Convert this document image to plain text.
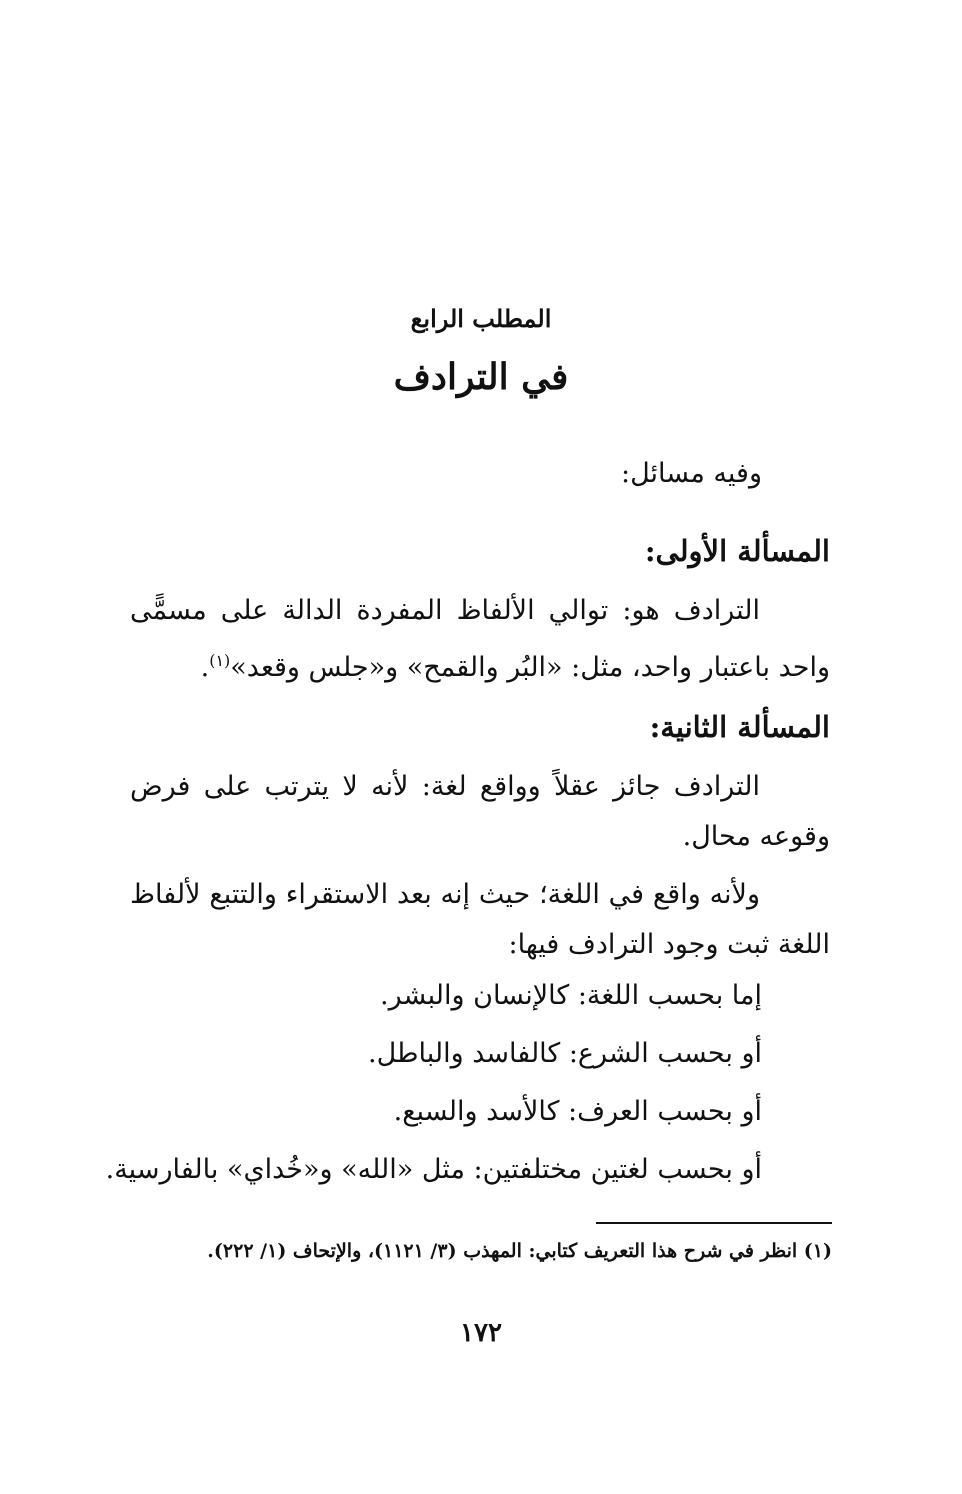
المطلب الرابع
في الترادف
وفيه مسائل:
المسألة الأولى:
الترادف هو: توالي الألفاظ المفردة الدالة على مسمًّى واحد باعتبار واحد، مثل: «البُر والقمح» و«جلس وقعد»$^{(١)}$.
المسألة الثانية:
الترادف جائز عقلاً وواقع لغة: لأنه لا يترتب على فرض وقوعه محال.
ولأنه واقع في اللغة؛ حيث إنه بعد الاستقراء والتتبع لألفاظ اللغة ثبت وجود الترادف فيها:
إما بحسب اللغة: كالإنسان والبشر.
أو بحسب الشرع: كالفاسد والباطل.
أو بحسب العرف: كالأسد والسبع.
أو بحسب لغتين مختلفتين: مثل «الله» و«خُداي» بالفارسية.
(١) انظر في شرح هذا التعريف كتابي: المهذب (٣/ ١١٢١)، والإتحاف (١/ ٢٢٢).
١٧٢
